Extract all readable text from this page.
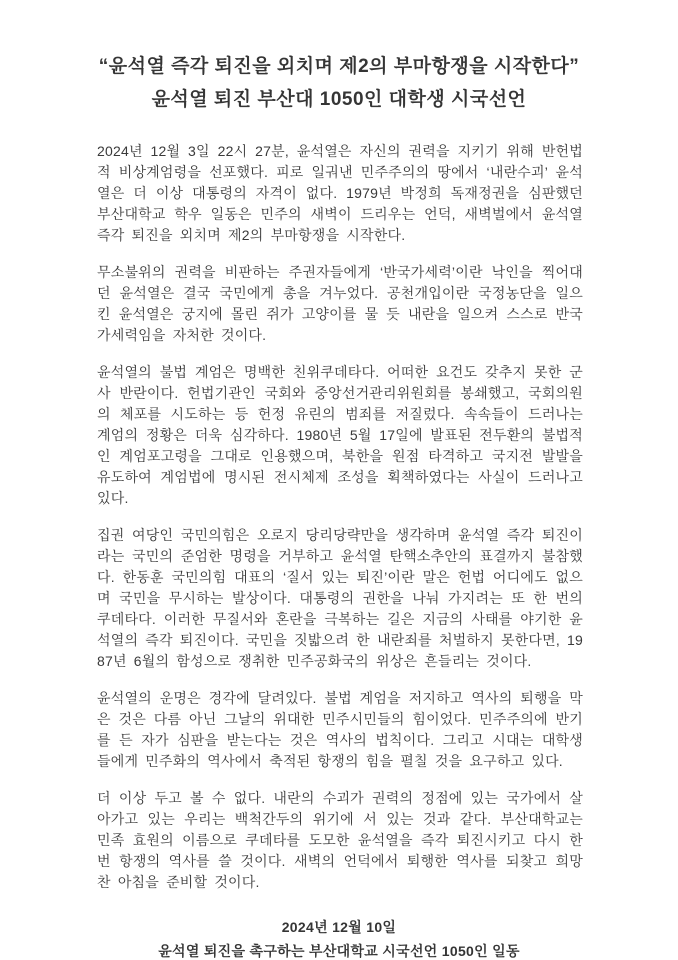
“윤석열 즉각 퇴진을 외치며 제2의 부마항쟁을 시작한다”
윤석열 퇴진 부산대 1050인 대학생 시국선언

2024년 12월 3일 22시 27분, 윤석열은 자신의 권력을 지키기 위해 반헌법적 비상계엄령을 선포했다. 피로 일궈낸 민주주의의 땅에서 ‘내란수괴’ 윤석열은 더 이상 대통령의 자격이 없다. 1979년 박정희 독재정권을 심판했던 부산대학교 학우 일동은 민주의 새벽이 드리우는 언덕, 새벽벌에서 윤석열 즉각 퇴진을 외치며 제2의 부마항쟁을 시작한다.

무소불위의 권력을 비판하는 주권자들에게 ‘반국가세력’이란 낙인을 찍어대던 윤석열은 결국 국민에게 총을 겨누었다. 공천개입이란 국정농단을 일으킨 윤석열은 궁지에 몰린 쥐가 고양이를 물 듯 내란을 일으켜 스스로 반국가세력임을 자처한 것이다.

윤석열의 불법 계엄은 명백한 친위쿠데타다. 어떠한 요건도 갖추지 못한 군사 반란이다. 헌법기관인 국회와 중앙선거관리위원회를 봉쇄했고, 국회의원의 체포를 시도하는 등 헌정 유린의 범죄를 저질렀다. 속속들이 드러나는 계엄의 정황은 더욱 심각하다. 1980년 5월 17일에 발표된 전두환의 불법적인 계엄포고령을 그대로 인용했으며, 북한을 원점 타격하고 국지전 발발을 유도하여 계엄법에 명시된 전시체제 조성을 획책하였다는 사실이 드러나고 있다.

집권 여당인 국민의힘은 오로지 당리당략만을 생각하며 윤석열 즉각 퇴진이라는 국민의 준엄한 명령을 거부하고 윤석열 탄핵소추안의 표결까지 불참했다. 한동훈 국민의힘 대표의 ‘질서 있는 퇴진’이란 말은 헌법 어디에도 없으며 국민을 무시하는 발상이다. 대통령의 권한을 나눠 가지려는 또 한 번의 쿠데타다. 이러한 무질서와 혼란을 극복하는 길은 지금의 사태를 야기한 윤석열의 즉각 퇴진이다. 국민을 짓밟으려 한 내란죄를 처벌하지 못한다면, 1987년 6월의 함성으로 쟁취한 민주공화국의 위상은 흔들리는 것이다.

윤석열의 운명은 경각에 달려있다. 불법 계엄을 저지하고 역사의 퇴행을 막은 것은 다름 아닌 그날의 위대한 민주시민들의 힘이었다. 민주주의에 반기를 든 자가 심판을 받는다는 것은 역사의 법칙이다. 그리고 시대는 대학생들에게 민주화의 역사에서 축적된 항쟁의 힘을 펼칠 것을 요구하고 있다.

더 이상 두고 볼 수 없다. 내란의 수괴가 권력의 정점에 있는 국가에서 살아가고 있는 우리는 백척간두의 위기에 서 있는 것과 같다. 부산대학교는 민족 효원의 이름으로 쿠데타를 도모한 윤석열을 즉각 퇴진시키고 다시 한번 항쟁의 역사를 쓸 것이다. 새벽의 언덕에서 퇴행한 역사를 되찾고 희망찬 아침을 준비할 것이다.

2024년 12월 10일
윤석열 퇴진을 촉구하는 부산대학교 시국선언 1050인 일동
